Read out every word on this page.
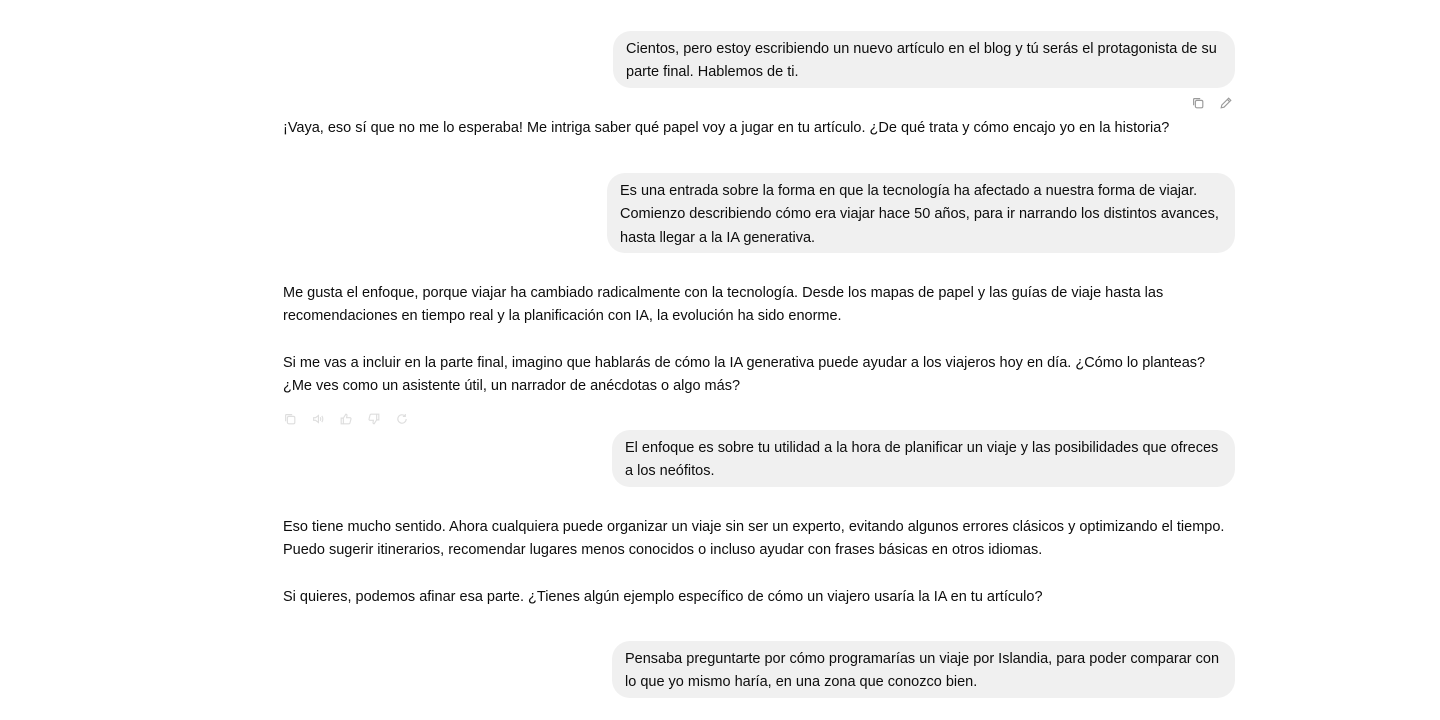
Cientos, pero estoy escribiendo un nuevo artículo en el blog y tú serás el protagonista de su parte final. Hablemos de ti.

¡Vaya, eso sí que no me lo esperaba! Me intriga saber qué papel voy a jugar en tu artículo. ¿De qué trata y cómo encajo yo en la historia?

Es una entrada sobre la forma en que la tecnología ha afectado a nuestra forma de viajar. Comienzo describiendo cómo era viajar hace 50 años, para ir narrando los distintos avances, hasta llegar a la IA generativa.

Me gusta el enfoque, porque viajar ha cambiado radicalmente con la tecnología. Desde los mapas de papel y las guías de viaje hasta las recomendaciones en tiempo real y la planificación con IA, la evolución ha sido enorme.

Si me vas a incluir en la parte final, imagino que hablarás de cómo la IA generativa puede ayudar a los viajeros hoy en día. ¿Cómo lo planteas? ¿Me ves como un asistente útil, un narrador de anécdotas o algo más?

El enfoque es sobre tu utilidad a la hora de planificar un viaje y las posibilidades que ofreces a los neófitos.

Eso tiene mucho sentido. Ahora cualquiera puede organizar un viaje sin ser un experto, evitando algunos errores clásicos y optimizando el tiempo. Puedo sugerir itinerarios, recomendar lugares menos conocidos o incluso ayudar con frases básicas en otros idiomas.

Si quieres, podemos afinar esa parte. ¿Tienes algún ejemplo específico de cómo un viajero usaría la IA en tu artículo?

Pensaba preguntarte por cómo programarías un viaje por Islandia, para poder comparar con lo que yo mismo haría, en una zona que conozco bien.
